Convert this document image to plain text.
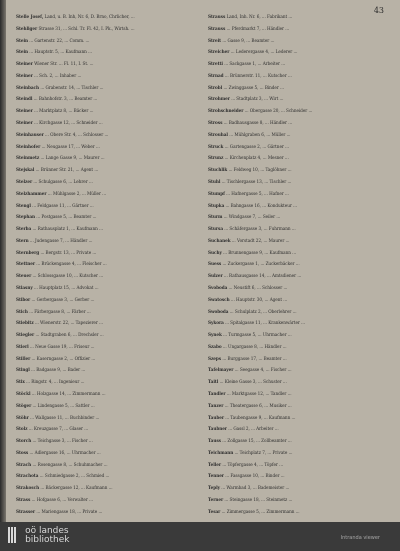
43
Stelle Josef, Land, u. B. Inh, Nr. 6, D. Brno, Chrlicher, ...
Stehliger Strasse 31, ... Schl. Tr. Fl. 42, I. Pk., Wirtsh. ...
Stein ... Gartenstr. 22, ... Comm. ...
Stein ... Hauptstr. 5, ... Kaufmann ...
Steiner Wiener Str. ... Fl. 11, I. St. ...
Steiner ... Sch. 2, ... Inhaber ...
Steinbach ... Grabenstr. 14, ... Tischler ...
Steindl ... Bahnhofstr. 3, ... Beamter ...
Steiner ... Marktplatz 8, ... Bäcker ...
Steiner ... Kirchgasse 12, ... Schneider ...
Steinhauser ... Obere Str. 4, ... Schlosser ...
Steinhofer ... Neugasse 17, ... Weber ...
Steinmetz ... Lange Gasse 9, ... Maurer ...
Stejskal ... Brünner Str. 21, ... Agent ...
Stelzer ... Schulgasse 6, ... Lehrer ...
Stelzhammer ... Mühlgasse 2, ... Müller ...
Stengl ... Feldgasse 11, ... Gärtner ...
Stephan ... Postgasse 5, ... Beamter ...
Sterba ... Rathausplatz 1, ... Kaufmann ...
Stern ... Judengasse 7, ... Händler ...
Sternberg ... Bergstr. 13, ... Private ...
Stettner ... Brückengasse 4, ... Fleischer ...
Steuer ... Schlossgasse 10, ... Kutscher ...
Stiasny ... Hauptplatz 15, ... Advokat ...
Stibor ... Gerbergasse 3, ... Gerber ...
Stich ... Färbergasse 8, ... Färber ...
Stiebitz ... Wienerstr. 22, ... Tapezierer ...
Stiegler ... Stadtgraben 6, ... Drechsler ...
Stierl ... Neue Gasse 19, ... Friseur ...
Stiller ... Kaserngasse 2, ... Offizier ...
Stingl ... Badgasse 9, ... Bader ...
Stix ... Ringstr. 4, ... Ingenieur ...
Stöckl ... Holzgasse 14, ... Zimmermann ...
Stöger ... Lindengasse 5, ... Sattler ...
Stöhr ... Wallgasse 11, ... Buchbinder ...
Stolz ... Kreuzgasse 7, ... Glaser ...
Storch ... Teichgasse 3, ... Fischer ...
Stoss ... Adlergasse 16, ... Uhrmacher ...
Strach ... Rosengasse 8, ... Schuhmacher ...
Strachota ... Schmiedgasse 2, ... Schmied ...
Strakosch ... Bäckergasse 12, ... Kaufmann ...
Strass ... Hofgasse 6, ... Verwalter ...
Strasser ... Mariengasse 18, ... Private ...
Strauss Land, Inh. Nr. 6, ... Fabrikant ...
Strauss ... Pferdmarkt 7, ... Händler ...
Streit ... Gasse 9, ... Beamter ...
Streicher ... Lederergasse 4, ... Lederer ...
Stretti ... Sackgasse 1, ... Arbeiter ...
Strnad ... Brünnerstr. 11, ... Kutscher ...
Strobl ... Zwinggasse 5, ... Binder ...
Strohmer ... Stadtplatz 3, ... Wirt ...
Strohschneider ... Obergasse 20, ... Schneider ...
Stross ... Badhausgasse 8, ... Händler ...
Strouhal ... Mühlgraben 6, ... Müller ...
Struck ... Gartengasse 2, ... Gärtner ...
Strunz ... Kirchenplatz 4, ... Mesner ...
Stuchlik ... Feldweg 10, ... Taglöhner ...
Stuhl ... Tischlergasse 13, ... Tischler ...
Stumpf ... Hafnergasse 5, ... Hafner ...
Stupka ... Bahngasse 16, ... Kondukteur ...
Sturm ... Windgasse 7, ... Seiler ...
Stursa ... Schäfergasse 3, ... Fuhrmann ...
Suchanek ... Vorstadt 22, ... Maurer ...
Suchy ... Brunnengasse 9, ... Kaufmann ...
Suess ... Zuckergasse 1, ... Zuckerbäcker ...
Sulzer ... Rathausgasse 14, ... Amtsdiener ...
Svoboda ... Neustift 6, ... Schlosser ...
Swatosch ... Hauptstr. 30, ... Agent ...
Swoboda ... Schulplatz 2, ... Oberlehrer ...
Sykora ... Spitalgasse 11, ... Krankenwärter ...
Synek ... Turmgasse 5, ... Uhrmacher ...
Szabo ... Ungargasse 8, ... Händler ...
Szeps ... Burggasse 17, ... Beamter ...
Tafelmayer ... Seegasse 4, ... Fischer ...
Taitl ... Kleine Gasse 3, ... Schuster ...
Tandler ... Marktgasse 12, ... Tandler ...
Tanzer ... Theatergasse 6, ... Musiker ...
Tauber ... Taubengasse 9, ... Kaufmann ...
Taubner ... Gassl 2, ... Arbeiter ...
Tauss ... Zollgasse 15, ... Zollbeamter ...
Teichmann ... Teichplatz 7, ... Private ...
Teller ... Töpfergasse 4, ... Töpfer ...
Tenner ... Fassgasse 10, ... Binder ...
Teply ... Warmbad 3, ... Bademeister ...
Terner ... Steingasse 18, ... Steinmetz ...
Tesar ... Zimmergasse 5, ... Zimmermann ...

oö landes
bibliothek	Intranda viewer
